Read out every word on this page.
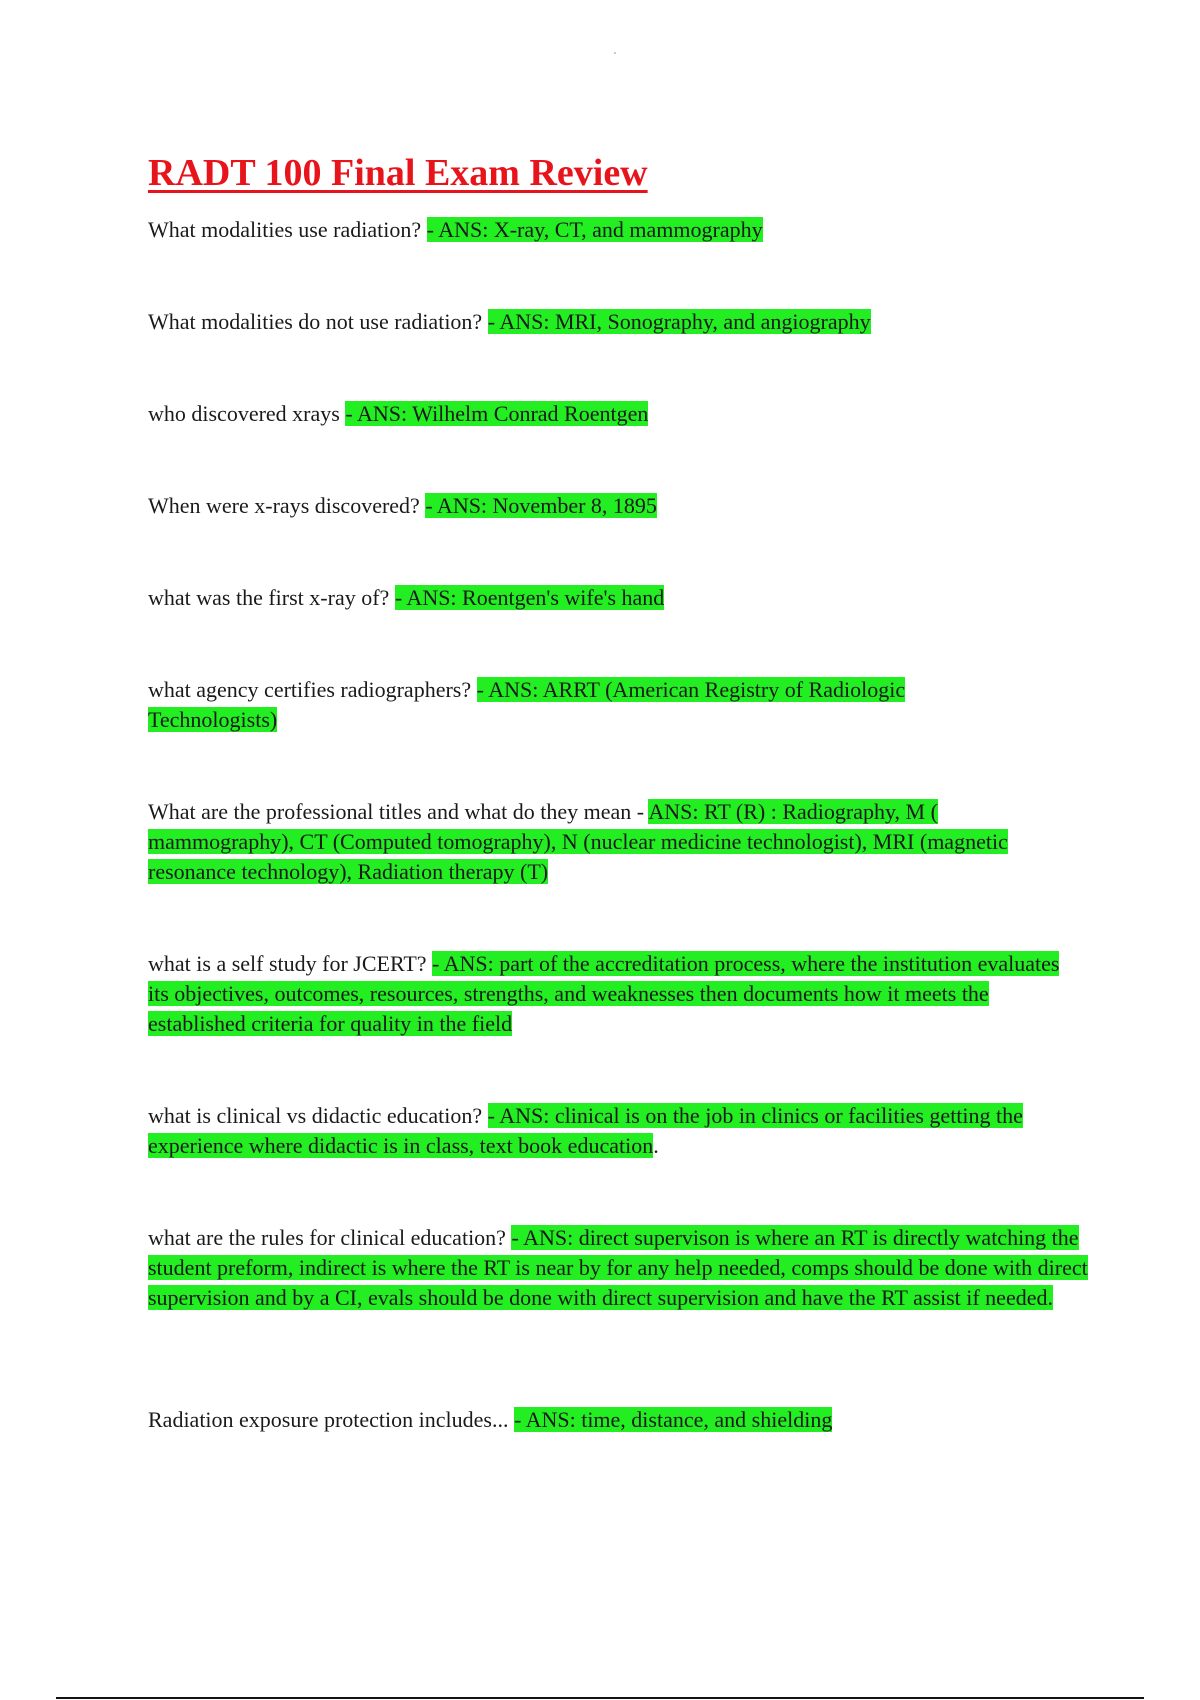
RADT 100 Final Exam Review

What modalities use radiation? - ANS: X-ray, CT, and mammography

What modalities do not use radiation? - ANS: MRI, Sonography, and angiography

who discovered xrays - ANS: Wilhelm Conrad Roentgen

When were x-rays discovered? - ANS: November 8, 1895

what was the first x-ray of? - ANS: Roentgen's wife's hand

what agency certifies radiographers? - ANS: ARRT (American Registry of Radiologic Technologists)

What are the professional titles and what do they mean - ANS: RT (R) : Radiography, M ( mammography), CT (Computed tomography), N (nuclear medicine technologist), MRI (magnetic resonance technology), Radiation therapy (T)

what is a self study for JCERT? - ANS: part of the accreditation process, where the institution evaluates its objectives, outcomes, resources, strengths, and weaknesses then documents how it meets the established criteria for quality in the field

what is clinical vs didactic education? - ANS: clinical is on the job in clinics or facilities getting the experience where didactic is in class, text book education.

what are the rules for clinical education? - ANS: direct supervison is where an RT is directly watching the student preform, indirect is where the RT is near by for any help needed, comps should be done with direct supervision and by a CI, evals should be done with direct supervision and have the RT assist if needed.

Radiation exposure protection includes... - ANS: time, distance, and shielding
